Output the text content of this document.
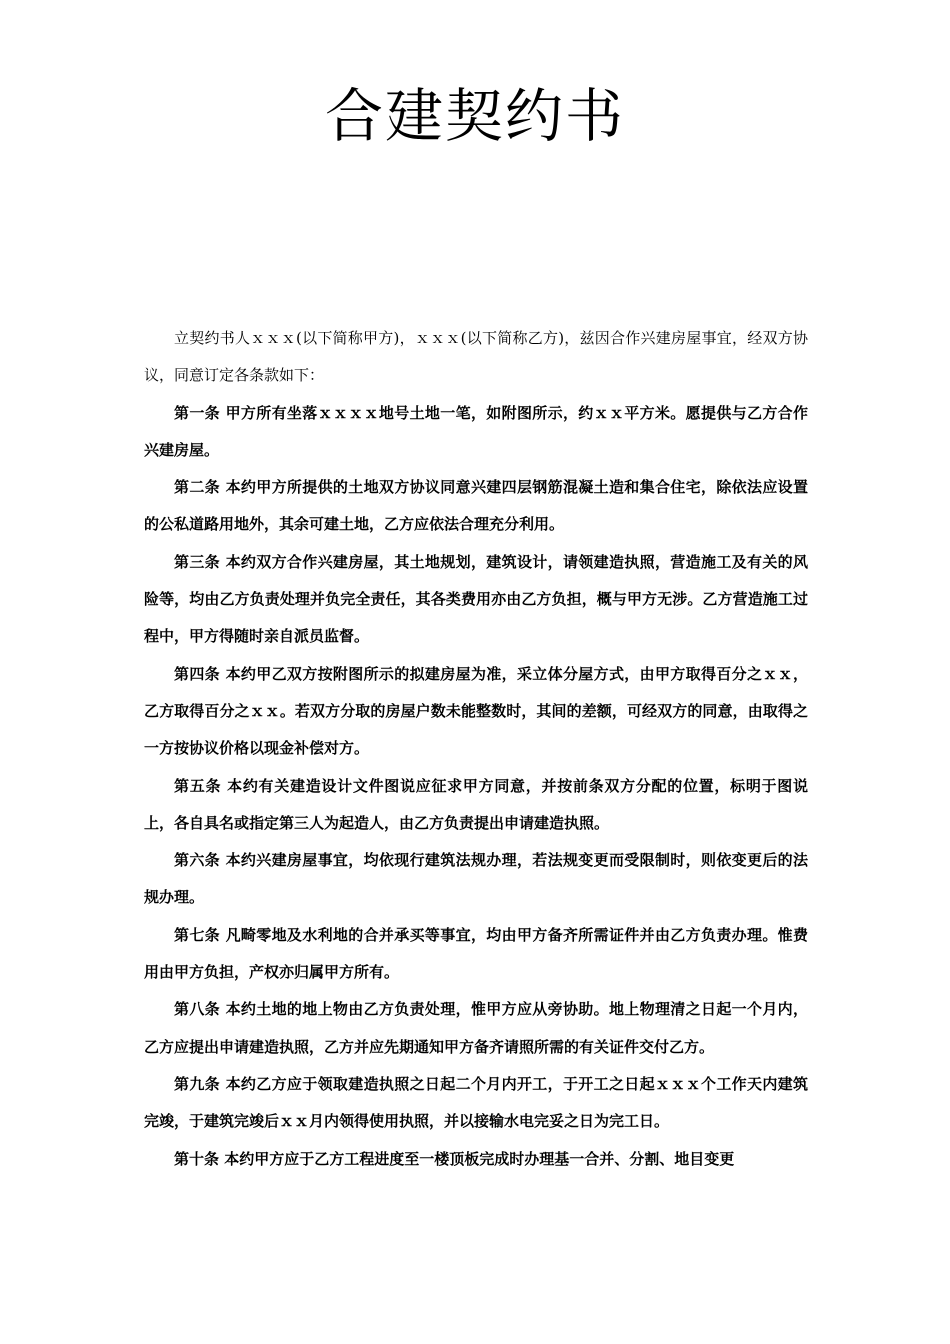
合建契约书

立契约书人ｘｘｘ(以下简称甲方)，ｘｘｘ(以下简称乙方)，兹因合作兴建房屋事宜，经双方协议，同意订定各条款如下：

第一条 甲方所有坐落ｘｘｘｘ地号土地一笔，如附图所示，约ｘｘ平方米。愿提供与乙方合作兴建房屋。

第二条 本约甲方所提供的土地双方协议同意兴建四层钢筋混凝土造和集合住宅，除依法应设置的公私道路用地外，其余可建土地，乙方应依法合理充分利用。

第三条 本约双方合作兴建房屋，其土地规划，建筑设计，请领建造执照，营造施工及有关的风险等，均由乙方负责处理并负完全责任，其各类费用亦由乙方负担，概与甲方无涉。乙方营造施工过程中，甲方得随时亲自派员监督。

第四条 本约甲乙双方按附图所示的拟建房屋为准，采立体分屋方式，由甲方取得百分之ｘｘ，乙方取得百分之ｘｘ。若双方分取的房屋户数未能整数时，其间的差额，可经双方的同意，由取得之一方按协议价格以现金补偿对方。

第五条 本约有关建造设计文件图说应征求甲方同意，并按前条双方分配的位置，标明于图说上，各自具名或指定第三人为起造人，由乙方负责提出申请建造执照。

第六条 本约兴建房屋事宜，均依现行建筑法规办理，若法规变更而受限制时，则依变更后的法规办理。

第七条 凡畸零地及水利地的合并承买等事宜，均由甲方备齐所需证件并由乙方负责办理。惟费用由甲方负担，产权亦归属甲方所有。

第八条 本约土地的地上物由乙方负责处理，惟甲方应从旁协助。地上物理清之日起一个月内，乙方应提出申请建造执照，乙方并应先期通知甲方备齐请照所需的有关证件交付乙方。

第九条 本约乙方应于领取建造执照之日起二个月内开工，于开工之日起ｘｘｘ个工作天内建筑完竣，于建筑完竣后ｘｘ月内领得使用执照，并以接输水电完妥之日为完工日。

第十条 本约甲方应于乙方工程进度至一楼顶板完成时办理基一合并、分割、地目变更
